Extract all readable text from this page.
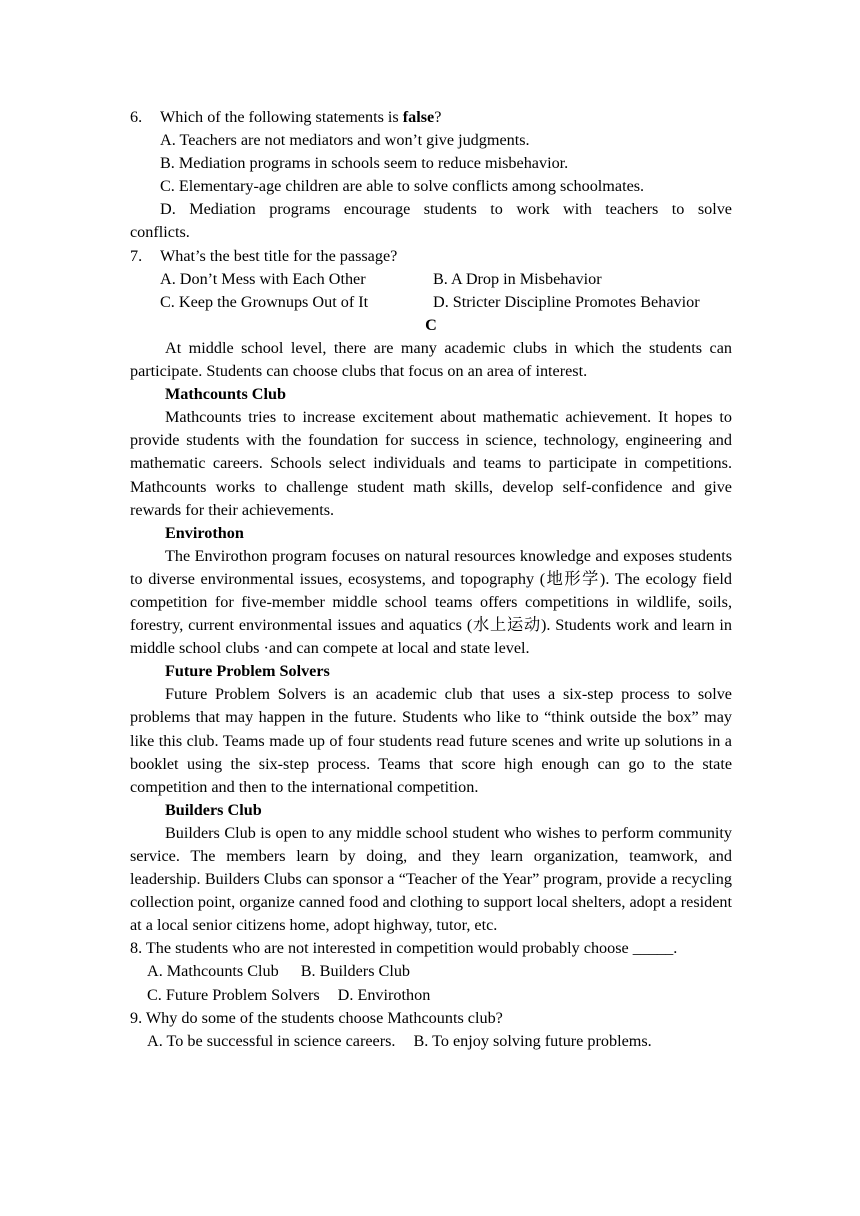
6. Which of the following statements is false?
A. Teachers are not mediators and won’t give judgments.
B. Mediation programs in schools seem to reduce misbehavior.
C. Elementary-age children are able to solve conflicts among schoolmates.
D. Mediation programs encourage students to work with teachers to solve
conflicts.
7. What’s the best title for the passage?
A. Don’t Mess with Each Other	B. A Drop in Misbehavior
C. Keep the Grownups Out of It	D. Stricter Discipline Promotes Behavior
C
At middle school level, there are many academic clubs in which the students can participate. Students can choose clubs that focus on an area of interest.
Mathcounts Club
Mathcounts tries to increase excitement about mathematic achievement. It hopes to provide students with the foundation for success in science, technology, engineering and mathematic careers. Schools select individuals and teams to participate in competitions. Mathcounts works to challenge student math skills, develop self-confidence and give rewards for their achievements.
Envirothon
The Envirothon program focuses on natural resources knowledge and exposes students to diverse environmental issues, ecosystems, and topography (地形学). The ecology field competition for five-member middle school teams offers competitions in wildlife, soils, forestry, current environmental issues and aquatics (水上运动). Students work and learn in middle school clubs ·and can compete at local and state level.
Future Problem Solvers
Future Problem Solvers is an academic club that uses a six-step process to solve problems that may happen in the future. Students who like to “think outside the box” may like this club. Teams made up of four students read future scenes and write up solutions in a booklet using the six-step process. Teams that score high enough can go to the state competition and then to the international competition.
Builders Club
Builders Club is open to any middle school student who wishes to perform community service. The members learn by doing, and they learn organization, teamwork, and leadership. Builders Clubs can sponsor a “Teacher of the Year” program, provide a recycling collection point, organize canned food and clothing to support local shelters, adopt a resident at a local senior citizens home, adopt highway, tutor, etc.
8. The students who are not interested in competition would probably choose _____.
A. Mathcounts Club B. Builders Club
C. Future Problem Solvers D. Envirothon
9. Why do some of the students choose Mathcounts club?
A. To be successful in science careers. B. To enjoy solving future problems.
